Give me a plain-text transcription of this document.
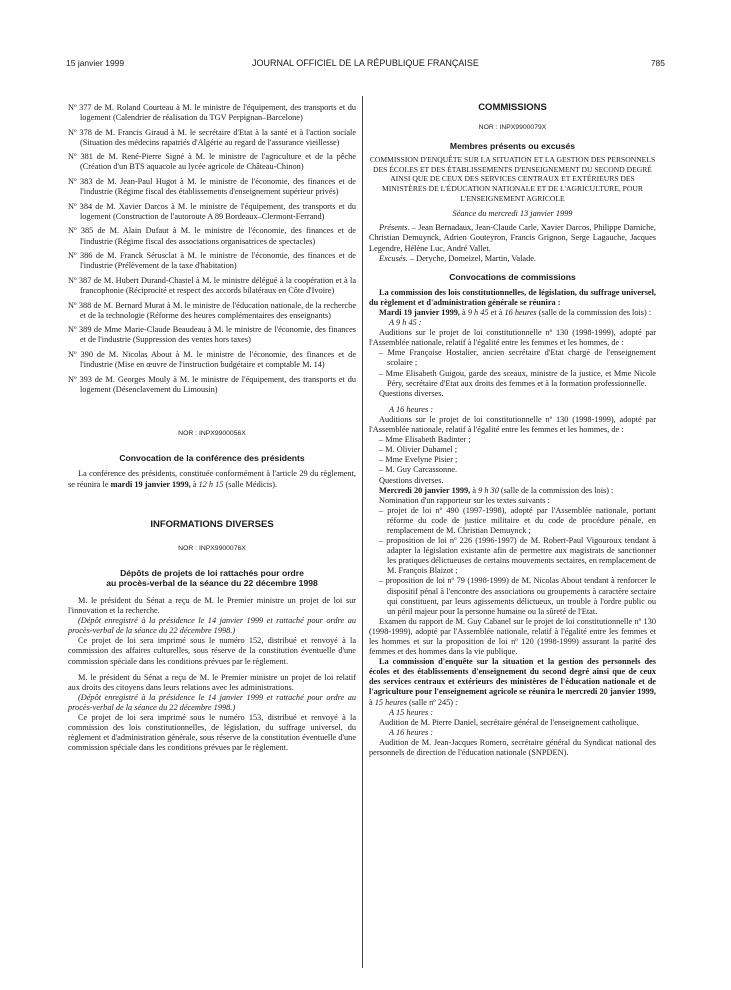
15 janvier 1999	JOURNAL OFFICIEL DE LA RÉPUBLIQUE FRANÇAISE	785

Nº 377 de M. Roland Courteau à M. le ministre de l'équipement, des transports et du logement (Calendrier de réalisation du TGV Perpignan–Barcelone)

Nº 378 de M. Francis Giraud à M. le secrétaire d'Etat à la santé et à l'action sociale (Situation des médecins rapatriés d'Algérie au regard de l'assurance vieillesse)

Nº 381 de M. René-Pierre Signé à M. le ministre de l'agriculture et de la pêche (Création d'un BTS aquacole au lycée agricole de Château-Chinon)

Nº 383 de M. Jean-Paul Hugot à M. le ministre de l'économie, des finances et de l'industrie (Régime fiscal des établissements d'enseignement supérieur privés)

Nº 384 de M. Xavier Darcos à M. le ministre de l'équipement, des transports et du logement (Construction de l'autoroute A 89 Bordeaux–Clermont-Ferrand)

Nº 385 de M. Alain Dufaut à M. le ministre de l'économie, des finances et de l'industrie (Régime fiscal des associations organisatrices de spectacles)

Nº 386 de M. Franck Sérusclat à M. le ministre de l'économie, des finances et de l'industrie (Prélèvement de la taxe d'habitation)

Nº 387 de M. Hubert Durand-Chastel à M. le ministre délégué à la coopération et à la francophonie (Réciprocité et respect des accords bilatéraux en Côte d'Ivoire)

Nº 388 de M. Bernard Murat à M. le ministre de l'éducation nationale, de la recherche et de la technologie (Réforme des heures complémentaires des enseignants)

Nº 389 de Mme Marie-Claude Beaudeau à M. le ministre de l'économie, des finances et de l'industrie (Suppression des ventes hors taxes)

Nº 390 de M. Nicolas About à M. le ministre de l'économie, des finances et de l'industrie (Mise en œuvre de l'instruction budgétaire et comptable M. 14)

Nº 393 de M. Georges Mouly à M. le ministre de l'équipement, des transports et du logement (Désenclavement du Limousin)

NOR : INPX9900056X

Convocation de la conférence des présidents

La conférence des présidents, constituée conformément à l'article 29 du règlement, se réunira le mardi 19 janvier 1999, à 12 h 15 (salle Médicis).

INFORMATIONS DIVERSES

NOR : INPX9900076X

Dépôts de projets de loi rattachés pour ordre
au procès-verbal de la séance du 22 décembre 1998

M. le président du Sénat a reçu de M. le Premier ministre un projet de loi sur l'innovation et la recherche.

(Dépôt enregistré à la présidence le 14 janvier 1999 et rattaché pour ordre au procès-verbal de la séance du 22 décembre 1998.)

Ce projet de loi sera imprimé sous le numéro 152, distribué et renvoyé à la commission des affaires culturelles, sous réserve de la constitution éventuelle d'une commission spéciale dans les conditions prévues par le règlement.

M. le président du Sénat a reçu de M. le Premier ministre un projet de loi relatif aux droits des citoyens dans leurs relations avec les administrations.

(Dépôt enregistré à la présidence le 14 janvier 1999 et rattaché pour ordre au procès-verbal de la séance du 22 décembre 1998.)

Ce projet de loi sera imprimé sous le numéro 153, distribué et renvoyé à la commission des lois constitutionnelles, de législation, du suffrage universel, du règlement et d'administration générale, sous réserve de la constitution éventuelle d'une commission spéciale dans les conditions prévues par le règlement.

COMMISSIONS

NOR : INPX9900079X

Membres présents ou excusés

COMMISSION D'ENQUÊTE SUR LA SITUATION ET LA GESTION DES PERSONNELS DES ÉCOLES ET DES ÉTABLISSEMENTS D'ENSEIGNEMENT DU SECOND DEGRÉ AINSI QUE DE CEUX DES SERVICES CENTRAUX ET EXTÉRIEURS DES MINISTÈRES DE L'ÉDUCATION NATIONALE ET DE L'AGRICULTURE, POUR L'ENSEIGNEMENT AGRICOLE

Séance du mercredi 13 janvier 1999

Présents. – Jean Bernadaux, Jean-Claude Carle, Xavier Darcos, Philippe Darniche, Christian Demuynck, Adrien Gouteyron, Francis Grignon, Serge Lagauche, Jacques Legendre, Hélène Luc, André Vallet.

Excusés. – Deryche, Domeizel, Martin, Valade.

Convocations de commissions

La commission des lois constitutionnelles, de législation, du suffrage universel, du règlement et d'administration générale se réunira :

Mardi 19 janvier 1999, à 9 h 45 et à 16 heures (salle de la commission des lois) :

A 9 h 45 :

Auditions sur le projet de loi constitutionnelle nº 130 (1998-1999), adopté par l'Assemblée nationale, relatif à l'égalité entre les femmes et les hommes, de :

– Mme Françoise Hostalier, ancien secrétaire d'Etat chargé de l'enseignement scolaire ;

– Mme Elisabeth Guigou, garde des sceaux, ministre de la justice, et Mme Nicole Péry, secrétaire d'Etat aux droits des femmes et à la formation professionnelle.

Questions diverses.

A 16 heures :

Auditions sur le projet de loi constitutionnelle nº 130 (1998-1999), adopté par l'Assemblée nationale, relatif à l'égalité entre les femmes et les hommes, de :

– Mme Elisabeth Badinter ;

– M. Olivier Duhamel ;

– Mme Evelyne Pisier ;

– M. Guy Carcassonne.

Questions diverses.

Mercredi 20 janvier 1999, à 9 h 30 (salle de la commission des lois) :

Nomination d'un rapporteur sur les textes suivants :

– projet de loi nº 490 (1997-1998), adopté par l'Assemblée nationale, portant réforme du code de justice militaire et du code de procédure pénale, en remplacement de M. Christian Demuynck ;

– proposition de loi nº 226 (1996-1997) de M. Robert-Paul Vigouroux tendant à adapter la législation existante afin de permettre aux magistrats de sanctionner les pratiques délictueuses de certains mouvements sectaires, en remplacement de M. François Blaizot ;

– proposition de loi nº 79 (1998-1999) de M. Nicolas About tendant à renforcer le dispositif pénal à l'encontre des associations ou groupements à caractère sectaire qui constituent, par leurs agissements délictueux, un trouble à l'ordre public ou un péril majeur pour la personne humaine ou la sûreté de l'Etat.

Examen du rapport de M. Guy Cabanel sur le projet de loi constitutionnelle nº 130 (1998-1999), adopté par l'Assemblée nationale, relatif à l'égalité entre les femmes et les hommes et sur la proposition de loi nº 120 (1998-1999) assurant la parité des femmes et des hommes dans la vie publique.

La commission d'enquête sur la situation et la gestion des personnels des écoles et des établissements d'enseignement du second degré ainsi que de ceux des services centraux et extérieurs des ministères de l'éducation nationale et de l'agriculture pour l'enseignement agricole se réunira le mercredi 20 janvier 1999, à 15 heures (salle nº 245) :

A 15 heures :

Audition de M. Pierre Daniel, secrétaire général de l'enseignement catholique.

A 16 heures :

Audition de M. Jean-Jacques Romero, secrétaire général du Syndicat national des personnels de direction de l'éducation nationale (SNPDEN).
